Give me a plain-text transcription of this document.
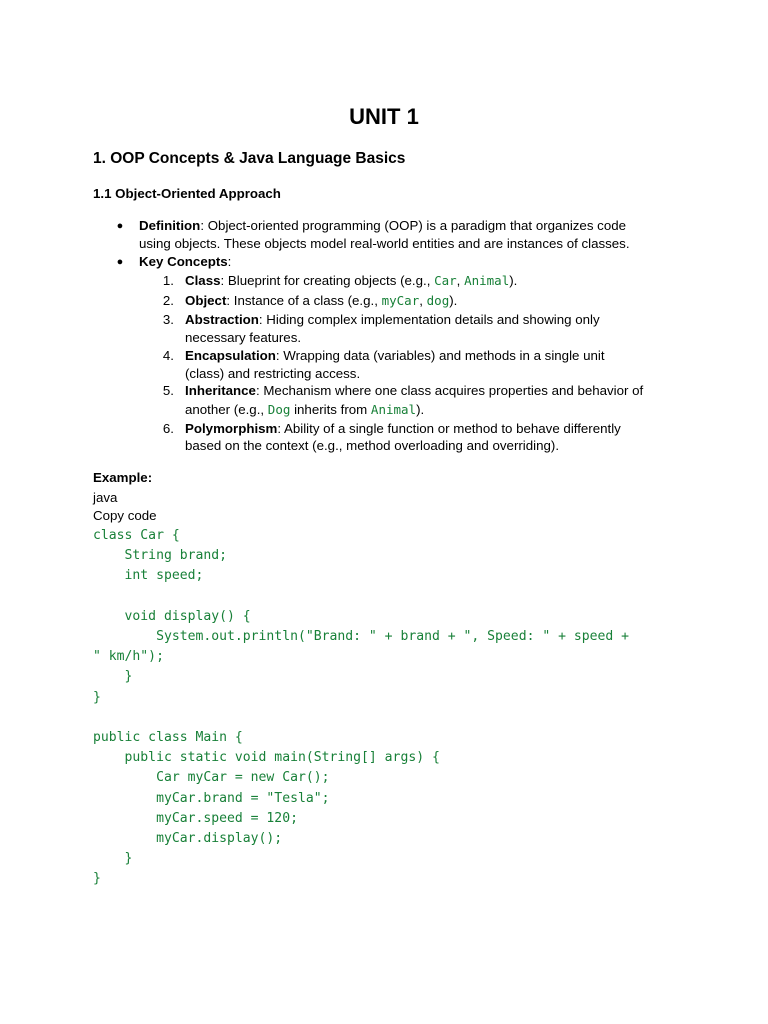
UNIT 1
1. OOP Concepts & Java Language Basics
1.1 Object-Oriented Approach
● Definition: Object-oriented programming (OOP) is a paradigm that organizes code
using objects. These objects model real-world entities and are instances of classes.
● Key Concepts:
1. Class: Blueprint for creating objects (e.g., Car, Animal).
2. Object: Instance of a class (e.g., myCar, dog).
3. Abstraction: Hiding complex implementation details and showing only
necessary features.
4. Encapsulation: Wrapping data (variables) and methods in a single unit
(class) and restricting access.
5. Inheritance: Mechanism where one class acquires properties and behavior of
another (e.g., Dog inherits from Animal).
6. Polymorphism: Ability of a single function or method to behave differently
based on the context (e.g., method overloading and overriding).
Example:
java
Copy code
class Car {
String brand;
int speed;

void display() {
System.out.println("Brand: " + brand + ", Speed: " + speed +
" km/h");
}
}

public class Main {
public static void main(String[] args) {
Car myCar = new Car();
myCar.brand = "Tesla";
myCar.speed = 120;
myCar.display();
}
}
